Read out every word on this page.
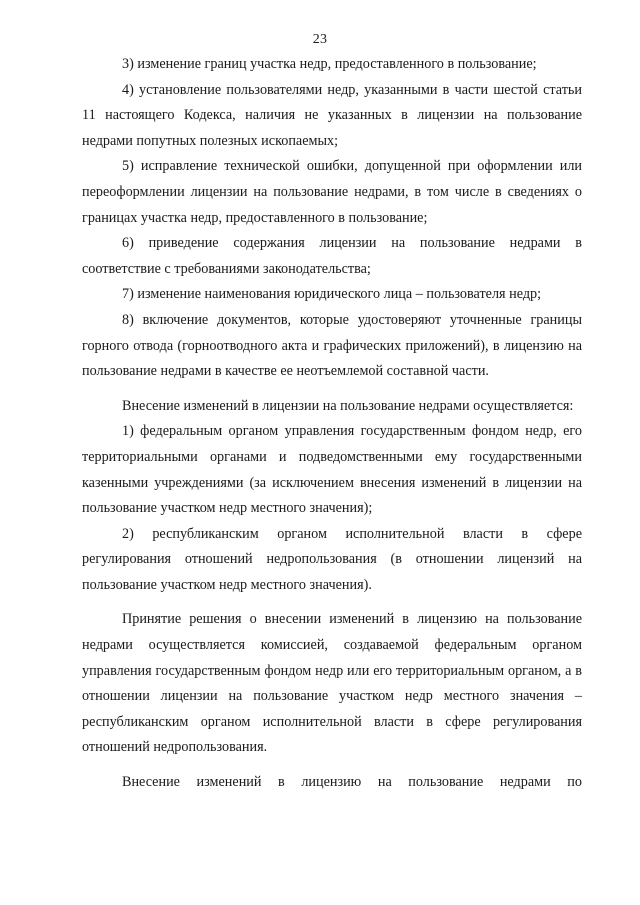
23

3) изменение границ участка недр, предоставленного в пользование;

4) установление пользователями недр, указанными в части шестой статьи 11 настоящего Кодекса, наличия не указанных в лицензии на пользование недрами попутных полезных ископаемых;

5) исправление технической ошибки, допущенной при оформлении или переоформлении лицензии на пользование недрами, в том числе в сведениях о границах участка недр, предоставленного в пользование;

6) приведение содержания лицензии на пользование недрами в соответствие с требованиями законодательства;

7) изменение наименования юридического лица – пользователя недр;

8) включение документов, которые удостоверяют уточненные границы горного отвода (горноотводного акта и графических приложений), в лицензию на пользование недрами в качестве ее неотъемлемой составной части.

Внесение изменений в лицензии на пользование недрами осуществляется:

1) федеральным органом управления государственным фондом недр, его территориальными органами и подведомственными ему государственными казенными учреждениями (за исключением внесения изменений в лицензии на пользование участком недр местного значения);

2) республиканским органом исполнительной власти в сфере регулирования отношений недропользования (в отношении лицензий на пользование участком недр местного значения).

Принятие решения о внесении изменений в лицензию на пользование недрами осуществляется комиссией, создаваемой федеральным органом управления государственным фондом недр или его территориальным органом, а в отношении лицензии на пользование участком недр местного значения – республиканским органом исполнительной власти в сфере регулирования отношений недропользования.

Внесение изменений в лицензию на пользование недрами по
